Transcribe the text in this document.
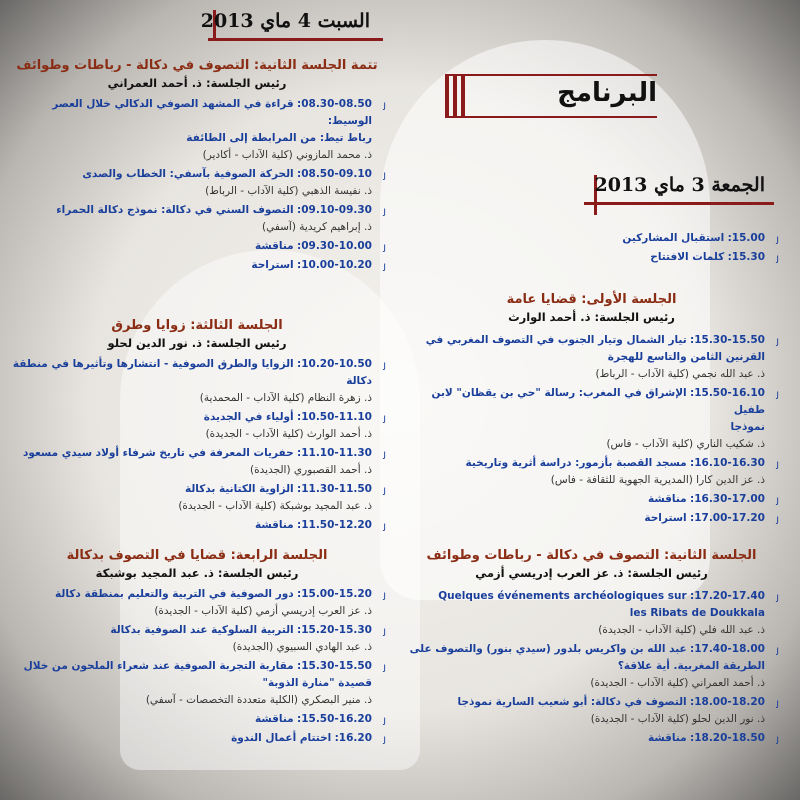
البرنامج
الجمعة 3 ماي 2013
ﻟ
15.00: استقبال المشاركين
ﻟ
15.30: كلمات الافتتاح
الجلسة الأولى: قضايا عامة
رئيس الجلسة: ذ. أحمد الوارث
ﻟ
15.30-15.50: تيار الشمال وتيار الجنوب في التصوف المغربي في
القرنين الثامن والتاسع للهجرة
ذ. عبد الله نجمي (كلية الآداب - الرباط)
ﻟ
15.50-16.10: الإشراق في المغرب: رسالة "حي بن يقظان" لابن طفيل
نموذجا
ذ. شكيب الناري (كلية الآداب - فاس)
ﻟ
16.10-16.30: مسجد القصبة بأزمور: دراسة أثرية وتاريخية
ذ. عز الدين كارا (المديرية الجهوية للثقافة - فاس)
ﻟ
16.30-17.00: مناقشة
ﻟ
17.00-17.20: استراحة
الجلسة الثانية: التصوف في دكالة - رباطات وطوائف
رئيس الجلسة: ذ. عز العرب إدريسي أزمي
ﻟ
17.20-17.40: Quelques événements archéologiques sur
les Ribats de Doukkala
ذ. عبد الله فلي (كلية الآداب - الجديدة)
ﻟ
17.40-18.00: عبد الله بن واكريس بلدور (سيدي بنور) والتصوف على
الطريقة المغربية. أية علاقة؟
ذ. أحمد العمراني (كلية الآداب - الجديدة)
ﻟ
18.00-18.20: التصوف في دكالة: أبو شعيب السارية نموذجا
ذ. نور الدين لحلو (كلية الآداب - الجديدة)
ﻟ
18.20-18.50: مناقشة
السبت 4 ماي 2013
تتمة الجلسة الثانية: التصوف في دكالة - رباطات وطوائف
رئيس الجلسة: ذ. أحمد العمراني
ﻟ
08.30-08.50: قراءة في المشهد الصوفي الدكالي خلال العصر الوسيط:
رباط تيط: من المرابطة إلى الطائفة
ذ. محمد المازوني (كلية الآداب - أكادير)
ﻟ
08.50-09.10: الحركة الصوفية بآسفي: الخطاب والصدى
ذ. نفيسة الذهبي (كلية الآداب - الرباط)
ﻟ
09.10-09.30: التصوف السني في دكالة: نموذج دكالة الحمراء
ذ. إبراهيم كريدية (آسفي)
ﻟ
09.30-10.00: مناقشة
ﻟ
10.00-10.20: استراحة
الجلسة الثالثة: زوايا وطرق
رئيس الجلسة: ذ. نور الدين لحلو
ﻟ
10.20-10.50: الزوايا والطرق الصوفية - انتشارها وتأثيرها في منطقة دكالة
ذ. زهرة النظام (كلية الآداب - المحمدية)
ﻟ
10.50-11.10: أولياء في الجديدة
ذ. أحمد الوارث (كلية الآداب - الجديدة)
ﻟ
11.10-11.30: حفريات المعرفة في تاريخ شرفاء أولاد سيدي مسعود
ذ. أحمد القصبوري (الجديدة)
ﻟ
11.30-11.50: الزاوية الكتانية بدكالة
ذ. عبد المجيد بوشبكة (كلية الآداب - الجديدة)
ﻟ
11.50-12.20: مناقشة
الجلسة الرابعة: قضايا في التصوف بدكالة
رئيس الجلسة: ذ. عبد المجيد بوشبكة
ﻟ
15.00-15.20: دور الصوفية في التربية والتعليم بمنطقة دكالة
ذ. عز العرب إدريسي أزمي (كلية الآداب - الجديدة)
ﻟ
15.20-15.30: التربية السلوكية عند الصوفية بدكالة
ذ. عبد الهادي السبيوي (الجديدة)
ﻟ
15.30-15.50: مقاربة التجربة الصوفية عند شعراء الملحون من خلال
قصيدة "منارة الذوبة"
ذ. منير البصكري (الكلية متعددة التخصصات - آسفي)
ﻟ
15.50-16.20: مناقشة
ﻟ
16.20: اختتام أعمال الندوة
